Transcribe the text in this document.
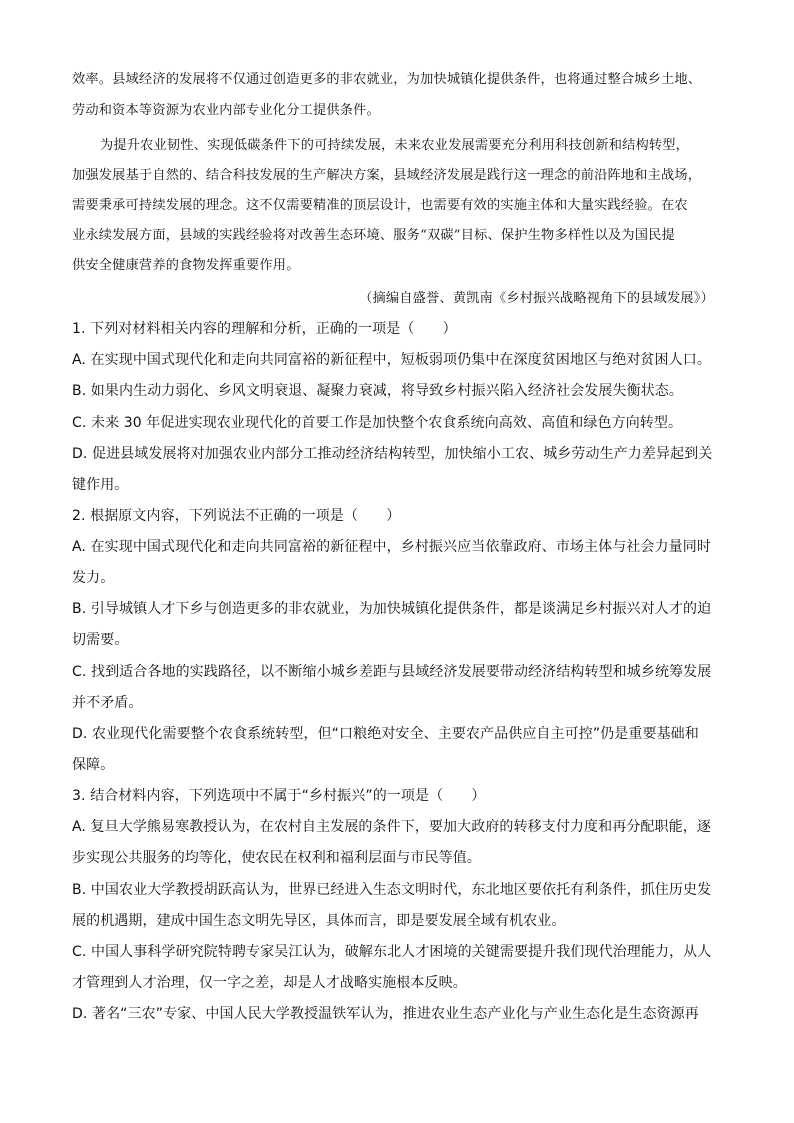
效率。县域经济的发展将不仅通过创造更多的非农就业，为加快城镇化提供条件，也将通过整合城乡土地、
劳动和资本等资源为农业内部专业化分工提供条件。
为提升农业韧性、实现低碳条件下的可持续发展，未来农业发展需要充分利用科技创新和结构转型，
加强发展基于自然的、结合科技发展的生产解决方案，县域经济发展是践行这一理念的前沿阵地和主战场，
需要秉承可持续发展的理念。这不仅需要精准的顶层设计，也需要有效的实施主体和大量实践经验。在农
业永续发展方面，县域的实践经验将对改善生态环境、服务“双碳”目标、保护生物多样性以及为国民提
供安全健康营养的食物发挥重要作用。
（摘编自盛誉、黄凯南《乡村振兴战略视角下的县域发展》）
1. 下列对材料相关内容的理解和分析，正确的一项是（　　）
A. 在实现中国式现代化和走向共同富裕的新征程中，短板弱项仍集中在深度贫困地区与绝对贫困人口。
B. 如果内生动力弱化、乡风文明衰退、凝聚力衰减，将导致乡村振兴陷入经济社会发展失衡状态。
C. 未来 30 年促进实现农业现代化的首要工作是加快整个农食系统向高效、高值和绿色方向转型。
D. 促进县域发展将对加强农业内部分工推动经济结构转型，加快缩小工农、城乡劳动生产力差异起到关
键作用。
2. 根据原文内容，下列说法不正确的一项是（　　）
A. 在实现中国式现代化和走向共同富裕的新征程中，乡村振兴应当依靠政府、市场主体与社会力量同时
发力。
B. 引导城镇人才下乡与创造更多的非农就业，为加快城镇化提供条件，都是谈满足乡村振兴对人才的迫
切需要。
C. 找到适合各地的实践路径，以不断缩小城乡差距与县域经济发展要带动经济结构转型和城乡统筹发展
并不矛盾。
D. 农业现代化需要整个农食系统转型，但“口粮绝对安全、主要农产品供应自主可控”仍是重要基础和
保障。
3. 结合材料内容，下列选项中不属于“乡村振兴”的一项是（　　）
A. 复旦大学熊易寒教授认为，在农村自主发展的条件下，要加大政府的转移支付力度和再分配职能，逐
步实现公共服务的均等化，使农民在权利和福利层面与市民等值。
B. 中国农业大学教授胡跃高认为，世界已经进入生态文明时代，东北地区要依托有利条件，抓住历史发
展的机遇期，建成中国生态文明先导区，具体而言，即是要发展全域有机农业。
C. 中国人事科学研究院特聘专家吴江认为，破解东北人才困境的关键需要提升我们现代治理能力，从人
才管理到人才治理，仅一字之差，却是人才战略实施根本反映。
D. 著名“三农”专家、中国人民大学教授温铁军认为，推进农业生态产业化与产业生态化是生态资源再
